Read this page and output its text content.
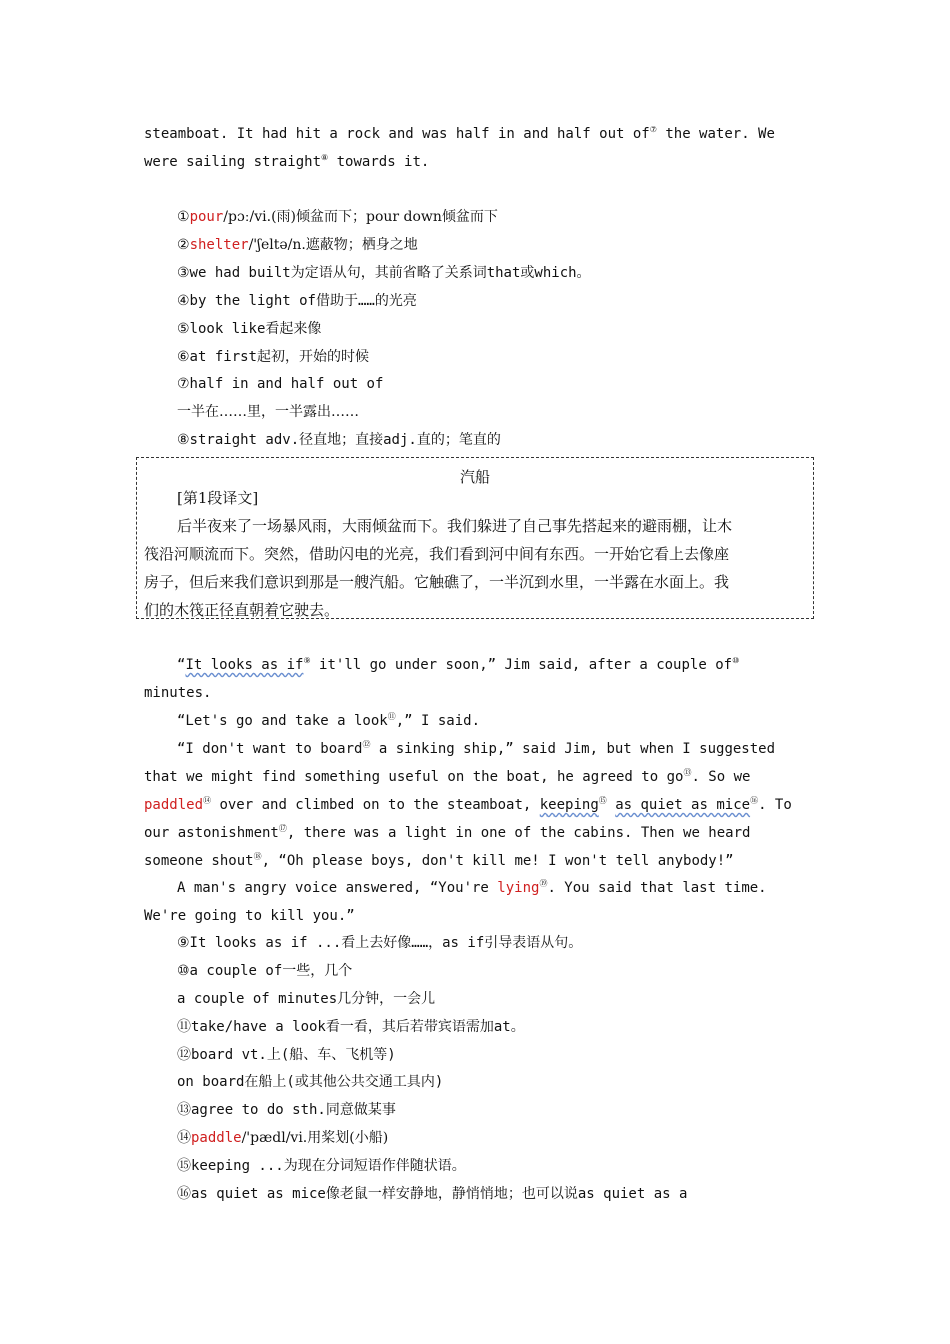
steamboat. It had hit a rock and was half in and half out of⑦ the water. We
were sailing straight⑧ towards it.
①pour/pɔː/vi.(雨)倾盆而下；pour down倾盆而下
②shelter/'ʃeltə/n.遮蔽物；栖身之地
③we had built为定语从句，其前省略了关系词that或which。
④by the light of借助于……的光亮
⑤look like看起来像
⑥at first起初，开始的时候
⑦half in and half out of
一半在……里，一半露出……
⑧straight adv.径直地；直接adj.直的；笔直的
汽船
[第1段译文]
后半夜来了一场暴风雨，大雨倾盆而下。我们躲进了自己事先搭起来的避雨棚，让木
筏沿河顺流而下。突然，借助闪电的光亮，我们看到河中间有东西。一开始它看上去像座
房子，但后来我们意识到那是一艘汽船。它触礁了，一半沉到水里，一半露在水面上。我
们的木筏正径直朝着它驶去。
“It looks as if⑨ it'll go under soon,” Jim said, after a couple of⑩
minutes.
“Let's go and take a look⑪,” I said.
“I don't want to board⑫ a sinking ship,” said Jim, but when I suggested
that we might find something useful on the boat, he agreed to go⑬. So we
paddled⑭ over and climbed on to the steamboat, keeping⑮ as quiet as mice⑯. To
our astonishment⑰, there was a light in one of the cabins. Then we heard
someone shout⑱, “Oh please boys, don't kill me! I won't tell anybody!”
A man's angry voice answered, “You're lying⑲. You said that last time.
We're going to kill you.”
⑨It looks as if ...看上去好像……，as if引导表语从句。
⑩a couple of一些，几个
a couple of minutes几分钟，一会儿
⑪take/have a look看一看，其后若带宾语需加at。
⑫board vt.上(船、车、飞机等)
on board在船上(或其他公共交通工具内)
⑬agree to do sth.同意做某事
⑭paddle/'pædl/vi.用桨划(小船)
⑮keeping ...为现在分词短语作伴随状语。
⑯as quiet as mice像老鼠一样安静地，静悄悄地；也可以说as quiet as a
